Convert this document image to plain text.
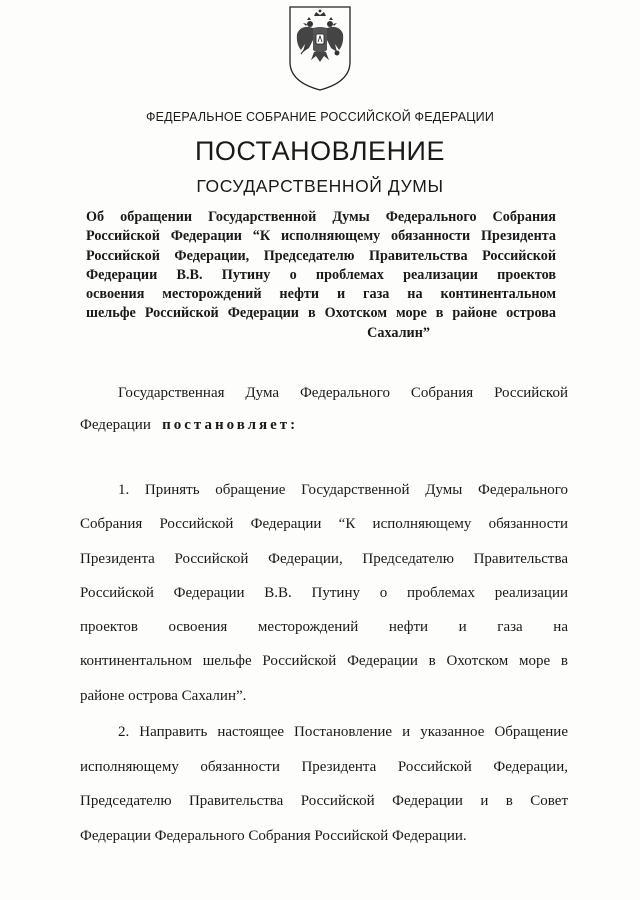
ФЕДЕРАЛЬНОЕ СОБРАНИЕ РОССИЙСКОЙ ФЕДЕРАЦИИ
ПОСТАНОВЛЕНИЕ
ГОСУДАРСТВЕННОЙ ДУМЫ
Об обращении Государственной Думы Федерального Собрания
Российской Федерации “К исполняющему обязанности Президента
Российской Федерации, Председателю Правительства Российской
Федерации В.В. Путину о проблемах реализации проектов
освоения месторождений нефти и газа на континентальном
шельфе Российской Федерации в Охотском море в районе острова
Сахалин”
Государственная Дума Федерального Собрания Российской
Федерации постановляет:
1. Принять обращение Государственной Думы Федерального
Собрания Российской Федерации “К исполняющему обязанности
Президента Российской Федерации, Председателю Правительства
Российской Федерации В.В. Путину о проблемах реализации
проектов освоения месторождений нефти и газа на
континентальном шельфе Российской Федерации в Охотском море в
районе острова Сахалин”.
2. Направить настоящее Постановление и указанное Обращение
исполняющему обязанности Президента Российской Федерации,
Председателю Правительства Российской Федерации и в Совет
Федерации Федерального Собрания Российской Федерации.
